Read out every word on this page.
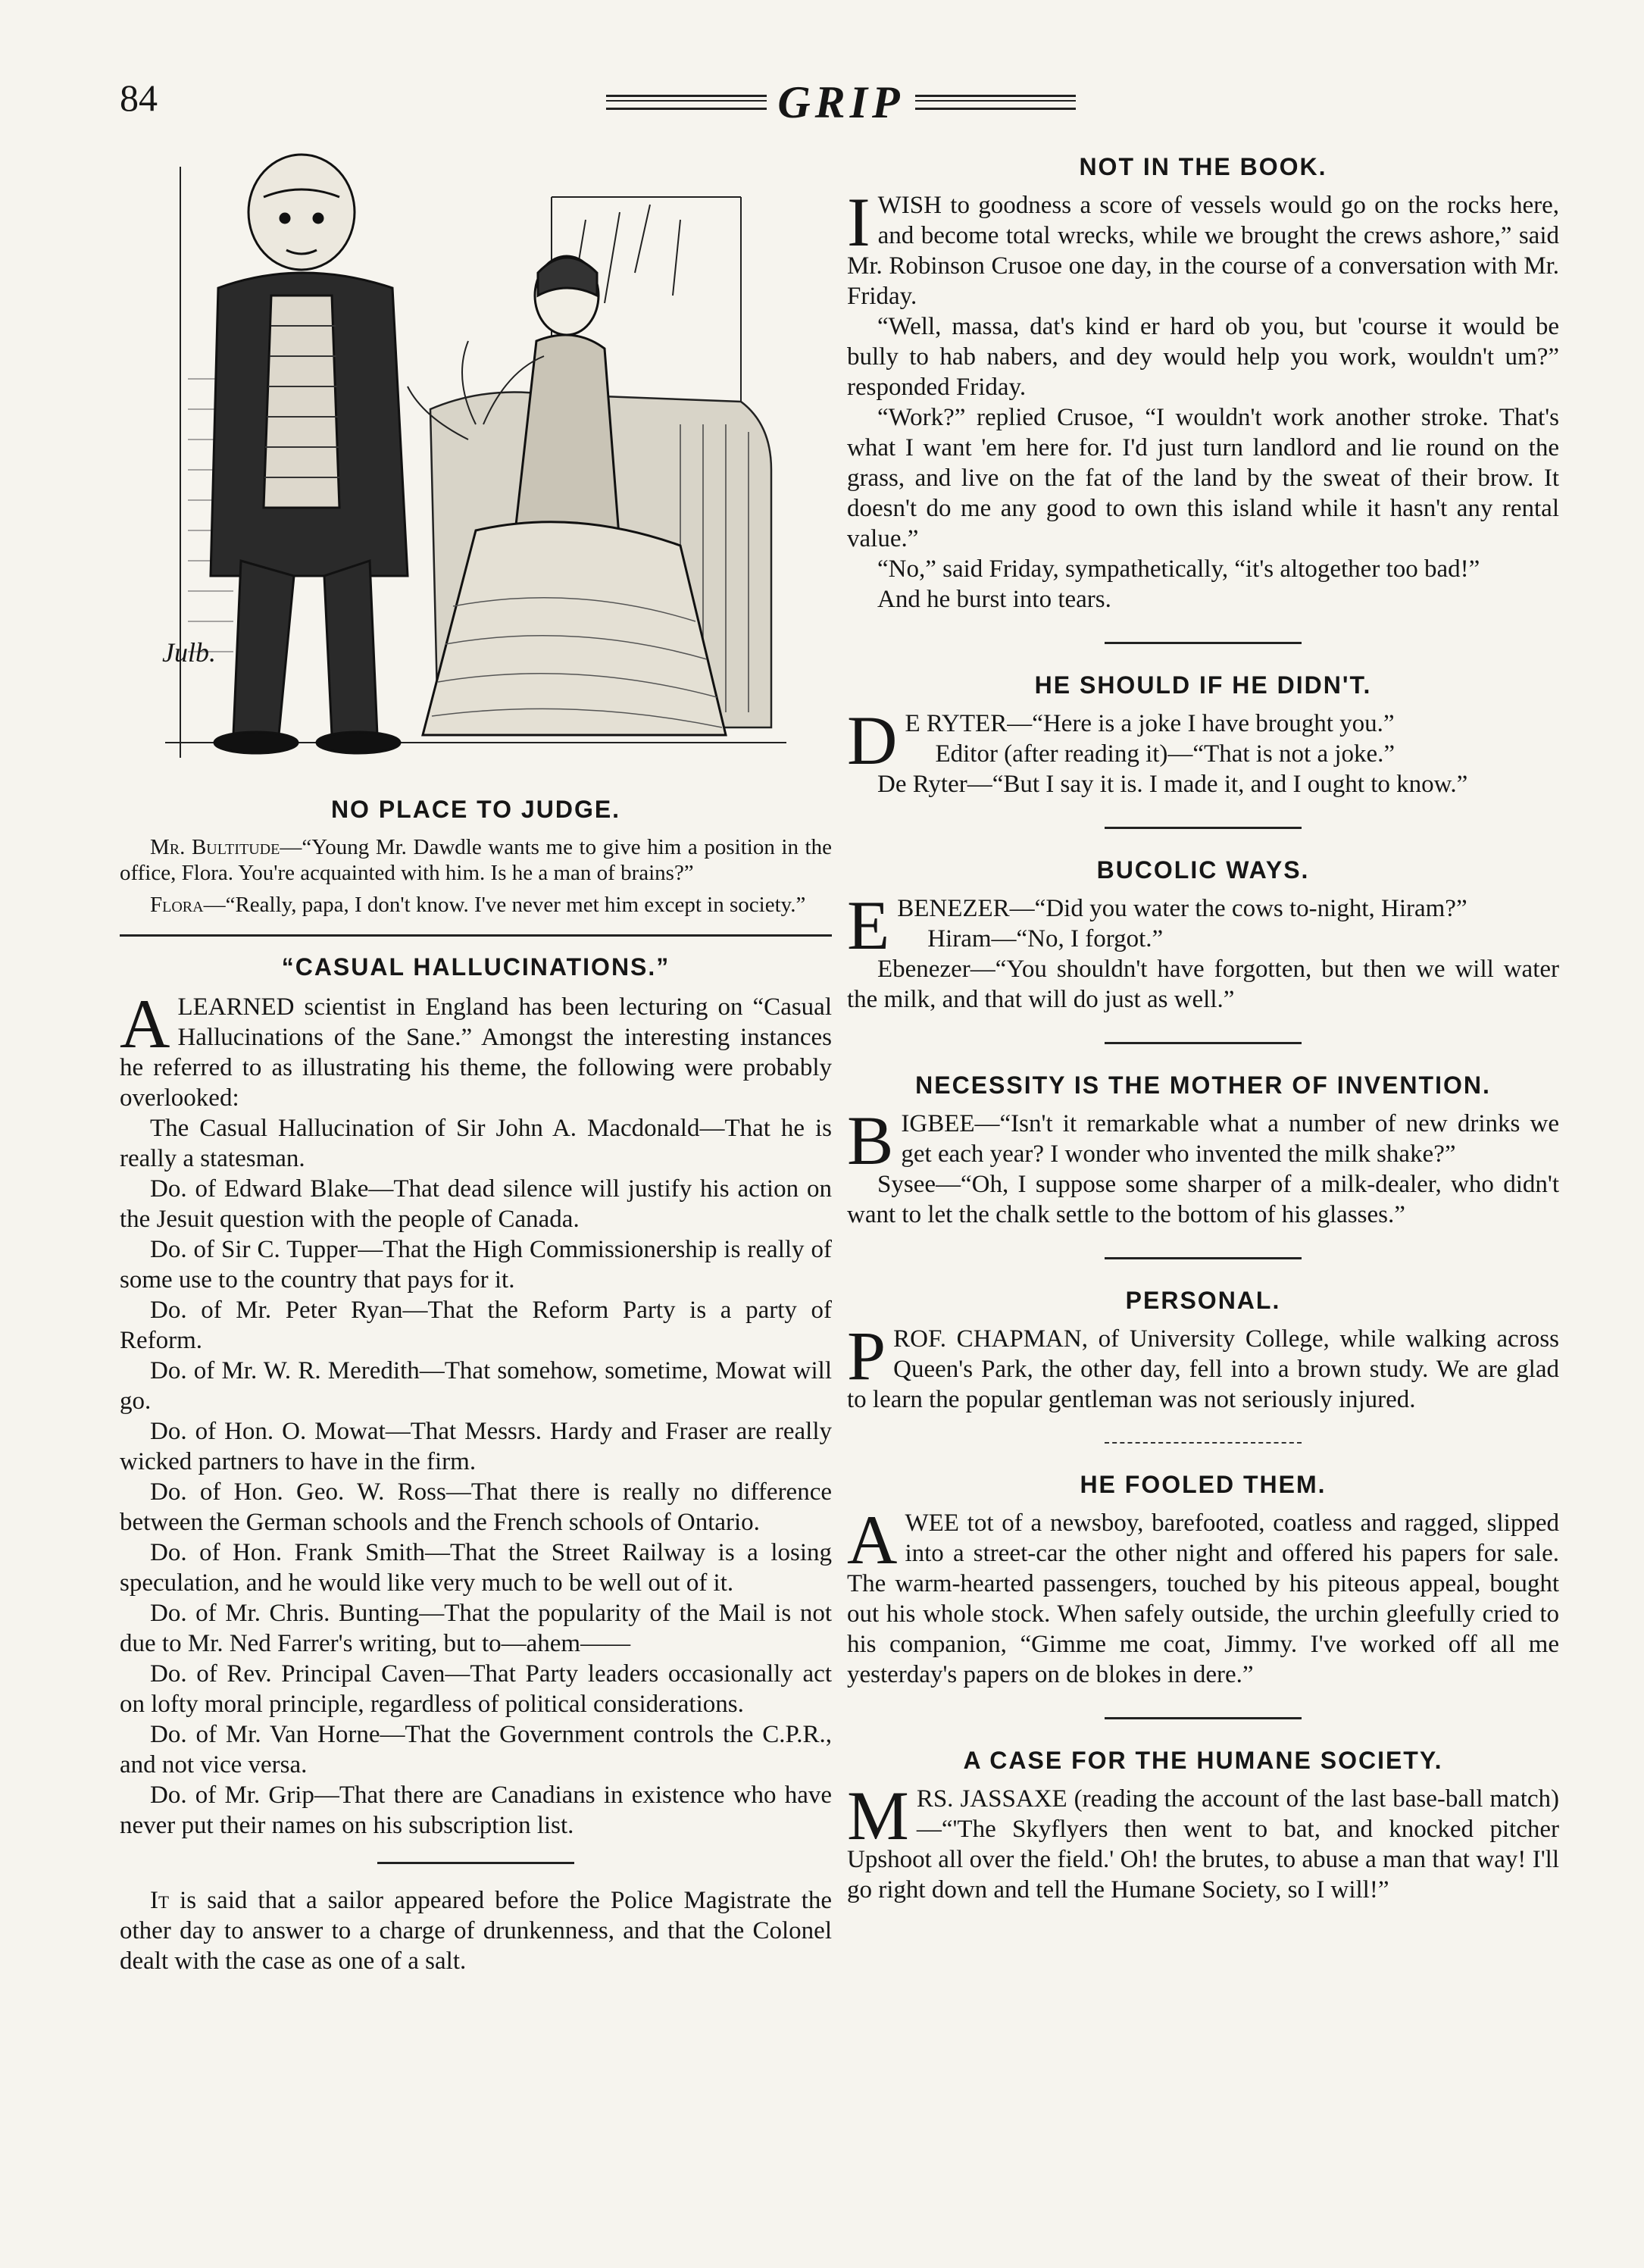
84	GRIP
Julb.
NO PLACE TO JUDGE.

Mr. Bultitude—“Young Mr. Dawdle wants me to give him a position in the office, Flora. You're acquainted with him. Is he a man of brains?”

Flora—“Really, papa, I don't know. I've never met him except in society.”

“CASUAL HALLUCINATIONS.”

ALEARNED scientist in England has been lecturing on “Casual Hallucinations of the Sane.” Amongst the interesting instances he referred to as illustrating his theme, the following were probably overlooked:

The Casual Hallucination of Sir John A. Macdonald—That he is really a statesman.

Do. of Edward Blake—That dead silence will justify his action on the Jesuit question with the people of Canada.

Do. of Sir C. Tupper—That the High Commissionership is really of some use to the country that pays for it.

Do. of Mr. Peter Ryan—That the Reform Party is a party of Reform.

Do. of Mr. W. R. Meredith—That somehow, sometime, Mowat will go.

Do. of Hon. O. Mowat—That Messrs. Hardy and Fraser are really wicked partners to have in the firm.

Do. of Hon. Geo. W. Ross—That there is really no difference between the German schools and the French schools of Ontario.

Do. of Hon. Frank Smith—That the Street Railway is a losing speculation, and he would like very much to be well out of it.

Do. of Mr. Chris. Bunting—That the popularity of the Mail is not due to Mr. Ned Farrer's writing, but to—ahem——

Do. of Rev. Principal Caven—That Party leaders occasionally act on lofty moral principle, regardless of political considerations.

Do. of Mr. Van Horne—That the Government controls the C.P.R., and not vice versa.

Do. of Mr. Grip—That there are Canadians in existence who have never put their names on his subscription list.

It is said that a sailor appeared before the Police Magistrate the other day to answer to a charge of drunkenness, and that the Colonel dealt with the case as one of a salt.

NOT IN THE BOOK.

IWISH to goodness a score of vessels would go on the rocks here, and become total wrecks, while we brought the crews ashore,” said Mr. Robinson Crusoe one day, in the course of a conversation with Mr. Friday.

“Well, massa, dat's kind er hard ob you, but 'course it would be bully to hab nabers, and dey would help you work, wouldn't um?” responded Friday.

“Work?” replied Crusoe, “I wouldn't work another stroke. That's what I want 'em here for. I'd just turn landlord and lie round on the grass, and live on the fat of the land by the sweat of their brow. It doesn't do me any good to own this island while it hasn't any rental value.”

“No,” said Friday, sympathetically, “it's altogether too bad!”

And he burst into tears.

HE SHOULD IF HE DIDN'T.

D E RYTER—“Here is a joke I have brought you.”

Editor (after reading it)—“That is not a joke.”

De Ryter—“But I say it is. I made it, and I ought to know.”

BUCOLIC WAYS.

EBENEZER—“Did you water the cows to-night, Hiram?”

Hiram—“No, I forgot.”

Ebenezer—“You shouldn't have forgotten, but then we will water the milk, and that will do just as well.”

NECESSITY IS THE MOTHER OF INVENTION.

BIGBEE—“Isn't it remarkable what a number of new drinks we get each year? I wonder who invented the milk shake?”

Sysee—“Oh, I suppose some sharper of a milk-dealer, who didn't want to let the chalk settle to the bottom of his glasses.”

PERSONAL.

PROF. CHAPMAN, of University College, while walking across Queen's Park, the other day, fell into a brown study. We are glad to learn the popular gentleman was not seriously injured.

HE FOOLED THEM.

AWEE tot of a newsboy, barefooted, coatless and ragged, slipped into a street-car the other night and offered his papers for sale. The warm-hearted passengers, touched by his piteous appeal, bought out his whole stock. When safely outside, the urchin gleefully cried to his companion, “Gimme me coat, Jimmy. I've worked off all me yesterday's papers on de blokes in dere.”

A CASE FOR THE HUMANE SOCIETY.

MRS. JASSAXE (reading the account of the last base-ball match)—“'The Skyflyers then went to bat, and knocked pitcher Upshoot all over the field.' Oh! the brutes, to abuse a man that way! I'll go right down and tell the Humane Society, so I will!”
